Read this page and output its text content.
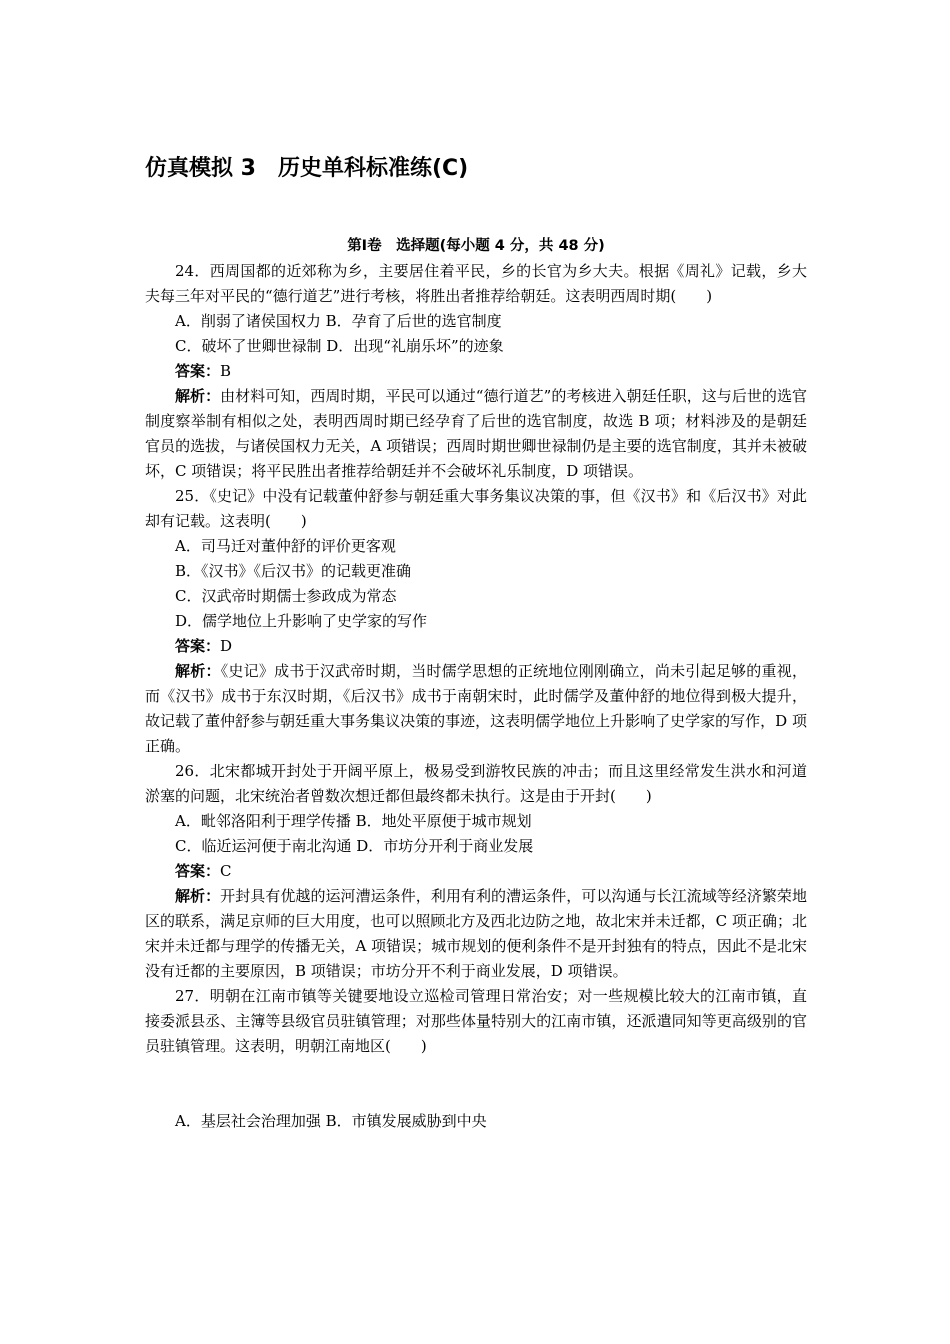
仿真模拟 3 历史单科标准练(C)

第Ⅰ卷　 选择题(每小题 4 分，共 48 分)

24．西周国都的近郊称为乡，主要居住着平民，乡的长官为乡大夫。根据《周礼》记载，乡大夫每三年对平民的“德行道艺”进行考核，将胜出者推荐给朝廷。这表明西周时期(　　)

A．削弱了诸侯国权力 B．孕育了后世的选官制度

C．破坏了世卿世禄制 D．出现“礼崩乐坏”的迹象

答案：B

解析：由材料可知，西周时期，平民可以通过“德行道艺”的考核进入朝廷任职，这与后世的选官制度察举制有相似之处，表明西周时期已经孕育了后世的选官制度，故选 B 项；材料涉及的是朝廷官员的选拔，与诸侯国权力无关，A 项错误；西周时期世卿世禄制仍是主要的选官制度，其并未被破坏，C 项错误；将平民胜出者推荐给朝廷并不会破坏礼乐制度，D 项错误。

25．《史记》中没有记载董仲舒参与朝廷重大事务集议决策的事，但《汉书》和《后汉书》对此却有记载。这表明(　　)

A．司马迁对董仲舒的评价更客观

B．《汉书》《后汉书》的记载更准确

C．汉武帝时期儒士参政成为常态

D．儒学地位上升影响了史学家的写作

答案：D

解析：《史记》成书于汉武帝时期，当时儒学思想的正统地位刚刚确立，尚未引起足够的重视，而《汉书》成书于东汉时期，《后汉书》成书于南朝宋时，此时儒学及董仲舒的地位得到极大提升，故记载了董仲舒参与朝廷重大事务集议决策的事迹，这表明儒学地位上升影响了史学家的写作，D 项正确。

26．北宋都城开封处于开阔平原上，极易受到游牧民族的冲击；而且这里经常发生洪水和河道淤塞的问题，北宋统治者曾数次想迁都但最终都未执行。这是由于开封(　　)

A．毗邻洛阳利于理学传播 B．地处平原便于城市规划

C．临近运河便于南北沟通 D．市坊分开利于商业发展

答案：C

解析：开封具有优越的运河漕运条件，利用有利的漕运条件，可以沟通与长江流域等经济繁荣地区的联系，满足京师的巨大用度，也可以照顾北方及西北边防之地，故北宋并未迁都，C 项正确；北宋并未迁都与理学的传播无关，A 项错误；城市规划的便利条件不是开封独有的特点，因此不是北宋没有迁都的主要原因，B 项错误；市坊分开不利于商业发展，D 项错误。

27．明朝在江南市镇等关键要地设立巡检司管理日常治安；对一些规模比较大的江南市镇，直接委派县丞、主簿等县级官员驻镇管理；对那些体量特别大的江南市镇，还派遣同知等更高级别的官员驻镇管理。这表明，明朝江南地区(　　)

A．基层社会治理加强 B．市镇发展威胁到中央
